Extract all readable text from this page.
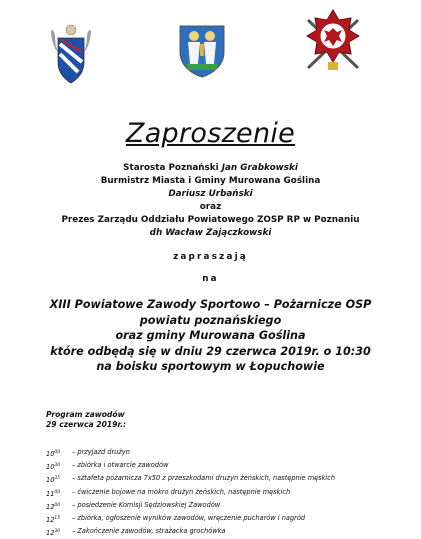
Zaproszenie
Starosta Poznański Jan Grabkowski
Burmistrz Miasta i Gminy Murowana Goślina
Dariusz Urbański
oraz
Prezes Zarządu Oddziału Powiatowego ZOSP RP w Poznaniu
dh Wacław Zajączkowski
zapraszają
na
XIII Powiatowe Zawody Sportowo – Pożarnicze OSP
powiatu poznańskiego
oraz gminy Murowana Goślina
które odbędą się w dniu 29 czerwca 2019r. o 10:30
na boisku sportowym w Łopuchowie
Program zawodów
29 czerwca 2019r.:
$10^{00}$	– przyjazd drużyn
$10^{30}$	– zbiórka i otwarcie zawodów
$10^{35}$	– sztafeta pożarnicza 7x50 z przeszkodami drużyn żeńskich, następnie męskich
$11^{00}$	– ćwiczenie bojowe na mokro drużyn żeńskich, następnie męskich
$12^{00}$	– posiedzenie Komisji Sędziowskiej Zawodów
$12^{15}$	– zbiórka, ogłoszenie wyników zawodów, wręczenie pucharów i nagród
$12^{30}$	– Zakończenie zawodów, strażacka grochówka
